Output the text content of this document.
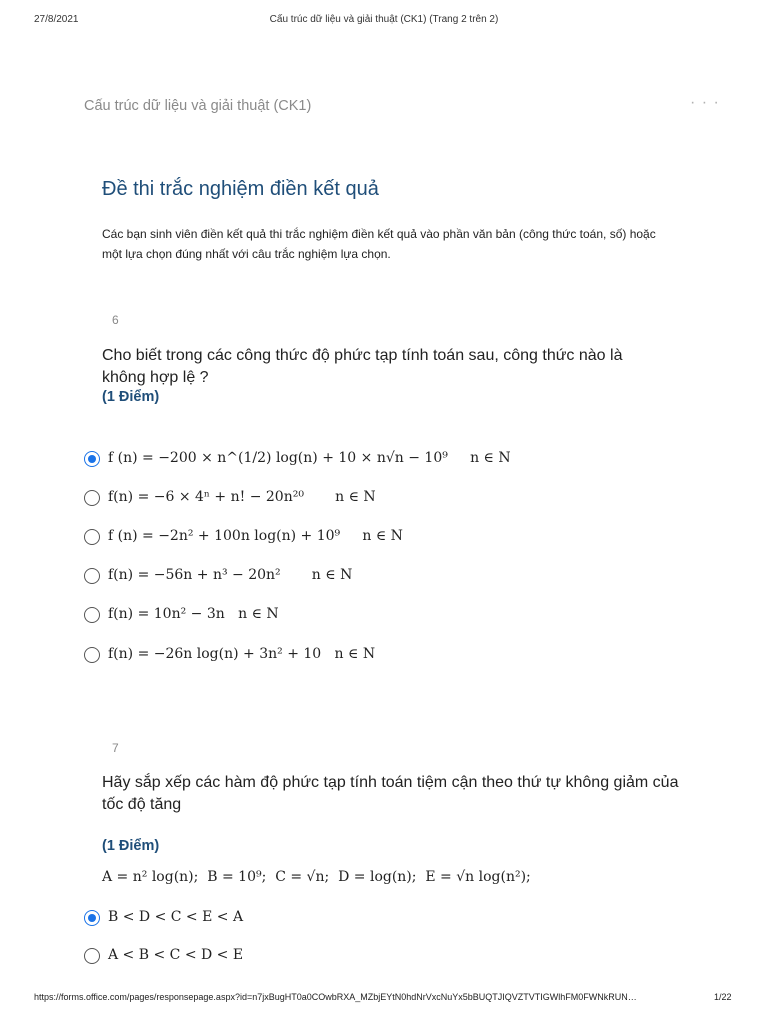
27/8/2021	Cấu trúc dữ liệu và giải thuật (CK1) (Trang 2 trên 2)
Cấu trúc dữ liệu và giải thuật (CK1)	· · ·
Đề thi trắc nghiệm điền kết quả
Các bạn sinh viên điền kết quả thi trắc nghiệm điền kết quả vào phần văn bản (công thức toán, số) hoặc một lựa chọn đúng nhất với câu trắc nghiệm lựa chọn.
6
Cho biết trong các công thức độ phức tạp tính toán sau, công thức nào là không hợp lệ ?
(1 Điểm)
f (n) = −200 × n^(1/2) log(n) + 10 × n√n − 10⁹     n ∈ N
f(n) = −6 × 4ⁿ + n! − 20n²⁰       n ∈ N
f (n) = −2n² + 100n log(n) + 10⁹     n ∈ N
f(n) = −56n + n³ − 20n²       n ∈ N
f(n) = 10n² − 3n   n ∈ N
f(n) = −26n log(n) + 3n² + 10   n ∈ N
7
Hãy sắp xếp các hàm độ phức tạp tính toán tiệm cận theo thứ tự không giảm của tốc độ tăng
(1 Điểm)
A = n² log(n);  B = 10⁹;  C = √n;  D = log(n);  E = √n log(n²);
B < D < C < E < A
A < B < C < D < E
https://forms.office.com/pages/responsepage.aspx?id=n7jxBugHT0a0COwbRXA_MZbjEYtN0hdNrVxcNuYx5bBUQTJIQVZTVTIGWlhFM0FWNkRUN…	1/22
